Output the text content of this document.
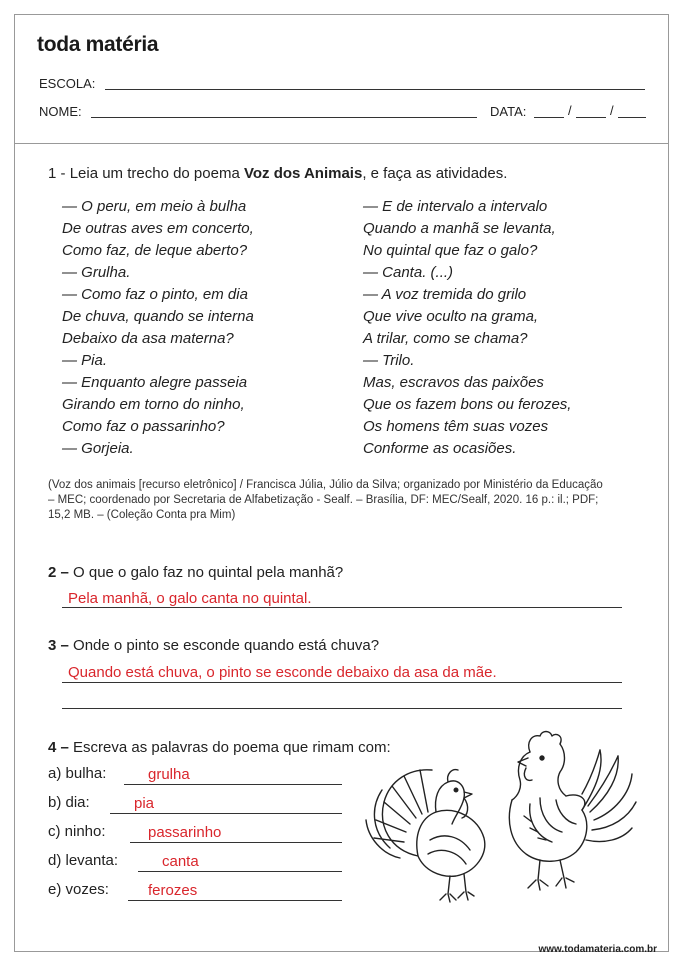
toda matéria
ESCOLA:
NOME:	DATA:	/	/
1 - Leia um trecho do poema Voz dos Animais, e faça as atividades.
— O peru, em meio à bulha
De outras aves em concerto,
Como faz, de leque aberto?
— Grulha.
— Como faz o pinto, em dia
De chuva, quando se interna
Debaixo da asa materna?
— Pia.
— Enquanto alegre passeia
Girando em torno do ninho,
Como faz o passarinho?
— Gorjeia.
— E de intervalo a intervalo
Quando a manhã se levanta,
No quintal que faz o galo?
— Canta. (...)
— A voz tremida do grilo
Que vive oculto na grama,
A trilar, como se chama?
— Trilo.
Mas, escravos das paixões
Que os fazem bons ou ferozes,
Os homens têm suas vozes
Conforme as ocasiões.
(Voz dos animais [recurso eletrônico] / Francisca Júlia, Júlio da Silva; organizado por Ministério da Educação – MEC; coordenado por Secretaria de Alfabetização - Sealf. – Brasília, DF: MEC/Sealf, 2020. 16 p.: il.; PDF; 15,2 MB. – (Coleção Conta pra Mim)
2 – O que o galo faz no quintal pela manhã?
Pela manhã, o galo canta no quintal.
3 – Onde o pinto se esconde quando está chuva?
Quando está chuva, o pinto se esconde debaixo da asa da mãe.
4 – Escreva as palavras do poema que rimam com:
a) bulha:	grulha
b) dia:	pia
c) ninho:	passarinho
d) levanta:	canta
e) vozes:	ferozes
www.todamateria.com.br
